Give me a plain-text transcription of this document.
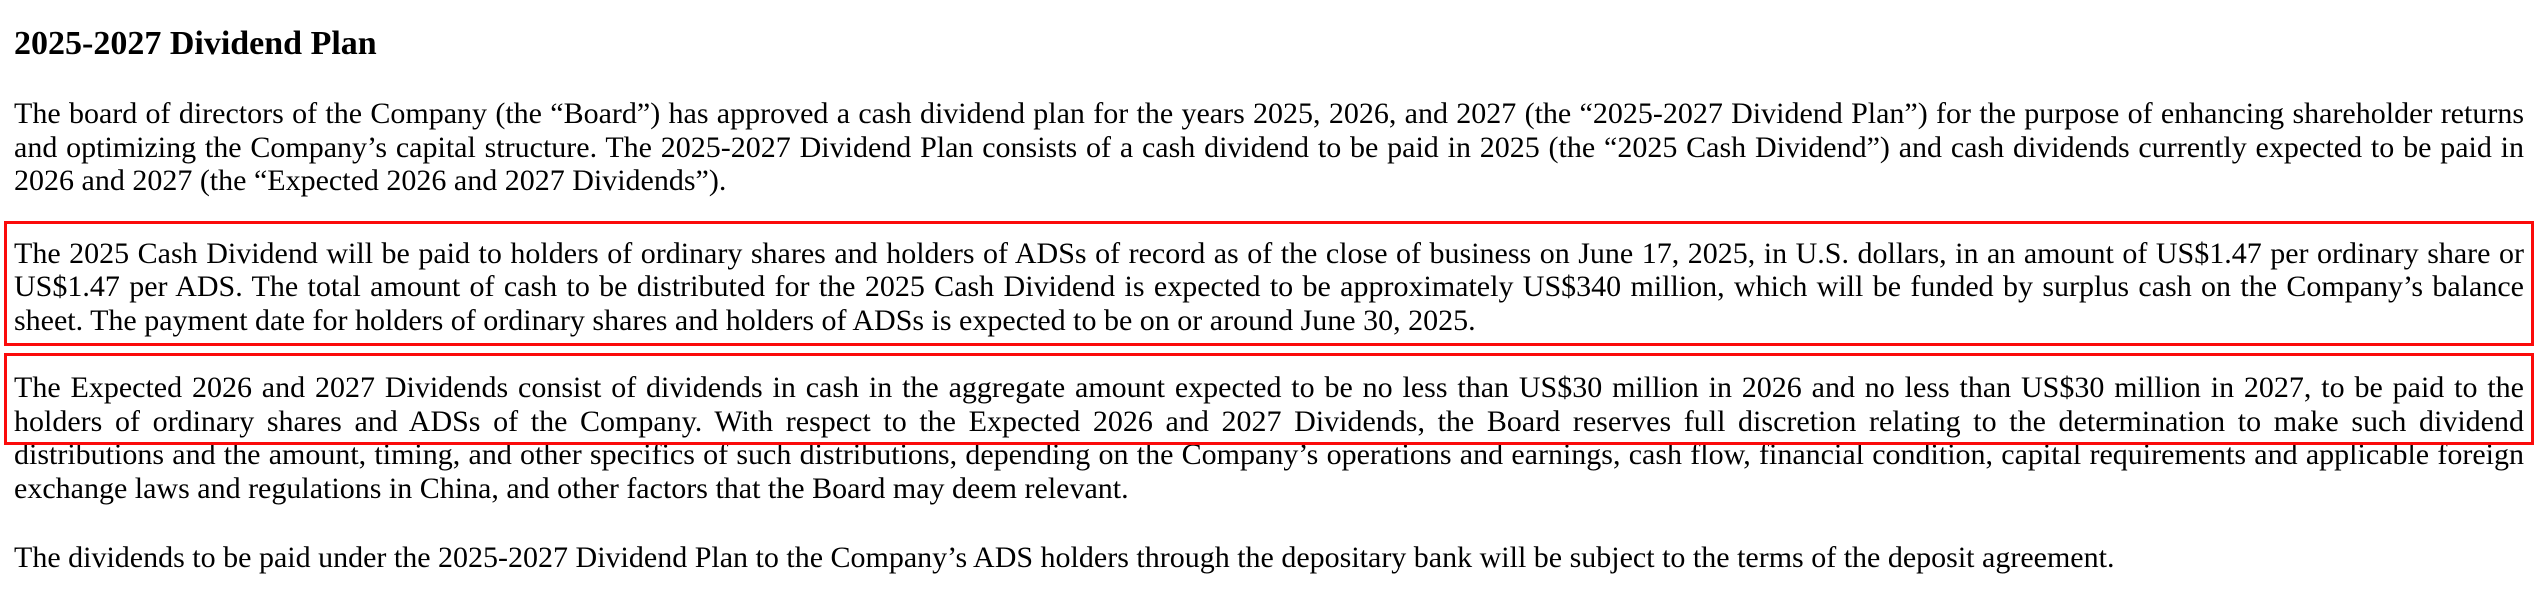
2025-2027 Dividend Plan

The board of directors of the Company (the “Board”) has approved a cash dividend plan for the years 2025, 2026, and 2027 (the “2025-2027 Dividend Plan”) for the purpose of enhancing shareholder returns and optimizing the Company’s capital structure. The 2025-2027 Dividend Plan consists of a cash dividend to be paid in 2025 (the “2025 Cash Dividend”) and cash dividends currently expected to be paid in 2026 and 2027 (the “Expected 2026 and 2027 Dividends”).

The 2025 Cash Dividend will be paid to holders of ordinary shares and holders of ADSs of record as of the close of business on June 17, 2025, in U.S. dollars, in an amount of US$1.47 per ordinary share or US$1.47 per ADS. The total amount of cash to be distributed for the 2025 Cash Dividend is expected to be approximately US$340 million, which will be funded by surplus cash on the Company’s balance sheet. The payment date for holders of ordinary shares and holders of ADSs is expected to be on or around June 30, 2025.

The Expected 2026 and 2027 Dividends consist of dividends in cash in the aggregate amount expected to be no less than US$30 million in 2026 and no less than US$30 million in 2027, to be paid to the holders of ordinary shares and ADSs of the Company. With respect to the Expected 2026 and 2027 Dividends, the Board reserves full discretion relating to the determination to make such dividend distributions and the amount, timing, and other specifics of such distributions, depending on the Company’s operations and earnings, cash flow, financial condition, capital requirements and applicable foreign exchange laws and regulations in China, and other factors that the Board may deem relevant.

The dividends to be paid under the 2025-2027 Dividend Plan to the Company’s ADS holders through the depositary bank will be subject to the terms of the deposit agreement.
